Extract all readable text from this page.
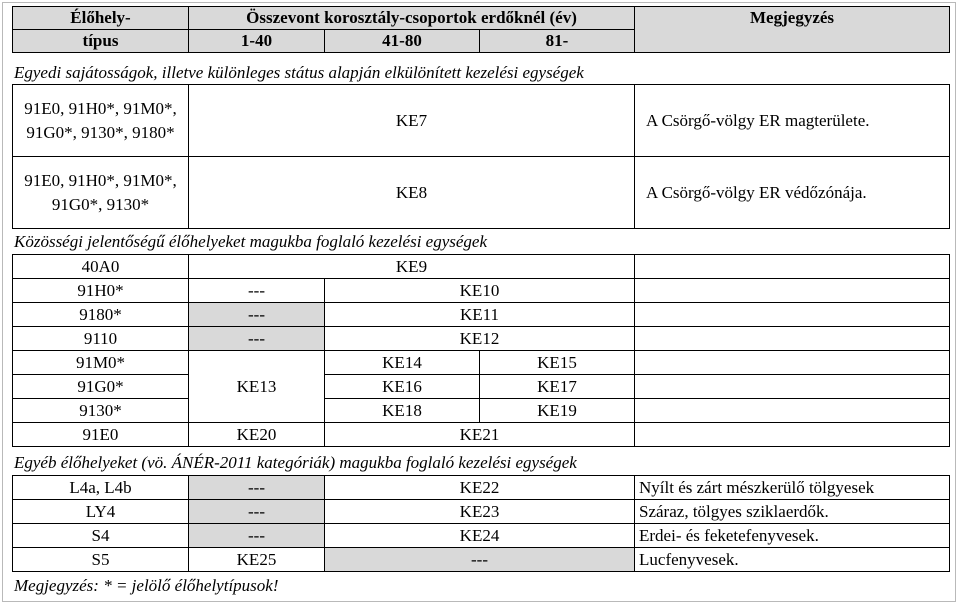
Élőhely-	Összevont korosztály-csoportok erdőknél (év)			Megjegyzés
típus	1-40	41-80	81-	
Egyedi sajátosságok, illetve különleges státus alapján elkülönített kezelési egységek
91E0, 91H0*, 91M0*, 91G0*, 9130*, 9180*	KE7	A Csörgő-völgy ER magterülete.
91E0, 91H0*, 91M0*, 91G0*, 9130*	KE8	A Csörgő-völgy ER védőzónája.
Közösségi jelentőségű élőhelyeket magukba foglaló kezelési egységek
40A0	KE9			
91H0*	---	KE10		
9180*	---	KE11		
9110	---	KE12		
91M0*	KE13	KE14	KE15	
91G0*		KE16	KE17	
9130*		KE18	KE19	
91E0	KE20	KE21		
Egyéb élőhelyeket (vö. ÁNÉR-2011 kategóriák) magukba foglaló kezelési egységek
L4a, L4b	---	KE22	Nyílt és zárt mészkerülő tölgyesek
LY4	---	KE23	Száraz, tölgyes sziklaerdők.
S4	---	KE24	Erdei- és feketefenyvesek.
S5	KE25	---	Lucfenyvesek.
Megjegyzés: * = jelölő élőhelytípusok!
